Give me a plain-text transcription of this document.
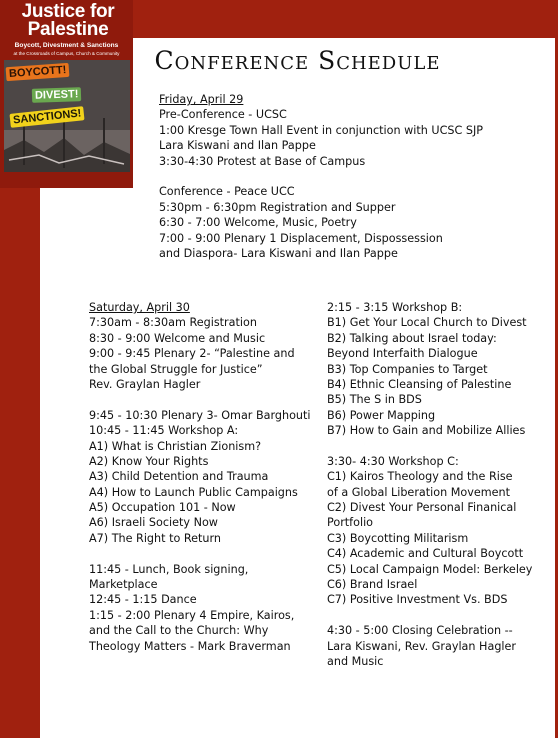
Justice for
Palestine
Boycott, Divestment & Sanctions
at the Crossroads of Campus, Church & Community
BOYCOTT!
DIVEST!
SANCTIONS!
Conference Schedule
Friday, April 29
Pre-Conference - UCSC
1:00 Kresge Town Hall Event in conjunction with UCSC SJP
Lara Kiswani and Ilan Pappe
3:30-4:30 Protest at Base of Campus
Conference - Peace UCC
5:30pm - 6:30pm Registration and Supper
6:30 - 7:00 Welcome, Music, Poetry
7:00 - 9:00 Plenary 1 Displacement, Dispossession
and Diaspora- Lara Kiswani and Ilan Pappe
Saturday, April 30
7:30am - 8:30am Registration
8:30 - 9:00 Welcome and Music
9:00 - 9:45 Plenary 2- “Palestine and
the Global Struggle for Justice”
Rev. Graylan Hagler
9:45 - 10:30 Plenary 3- Omar Barghouti
10:45 - 11:45 Workshop A:
A1) What is Christian Zionism?
A2) Know Your Rights
A3) Child Detention and Trauma
A4) How to Launch Public Campaigns
A5) Occupation 101 - Now
A6) Israeli Society Now
A7) The Right to Return
11:45 - Lunch, Book signing,
Marketplace
12:45 - 1:15 Dance
1:15 - 2:00 Plenary 4 Empire, Kairos,
and the Call to the Church: Why
Theology Matters - Mark Braverman
2:15 - 3:15 Workshop B:
B1) Get Your Local Church to Divest
B2) Talking about Israel today:
Beyond Interfaith Dialogue
B3) Top Companies to Target
B4) Ethnic Cleansing of Palestine
B5) The S in BDS
B6) Power Mapping
B7) How to Gain and Mobilize Allies
3:30- 4:30 Workshop C:
C1) Kairos Theology and the Rise
of a Global Liberation Movement
C2) Divest Your Personal Finanical
Portfolio
C3) Boycotting Militarism
C4) Academic and Cultural Boycott
C5) Local Campaign Model: Berkeley
C6) Brand Israel
C7) Positive Investment Vs. BDS
4:30 - 5:00 Closing Celebration --
Lara Kiswani, Rev. Graylan Hagler
and Music
